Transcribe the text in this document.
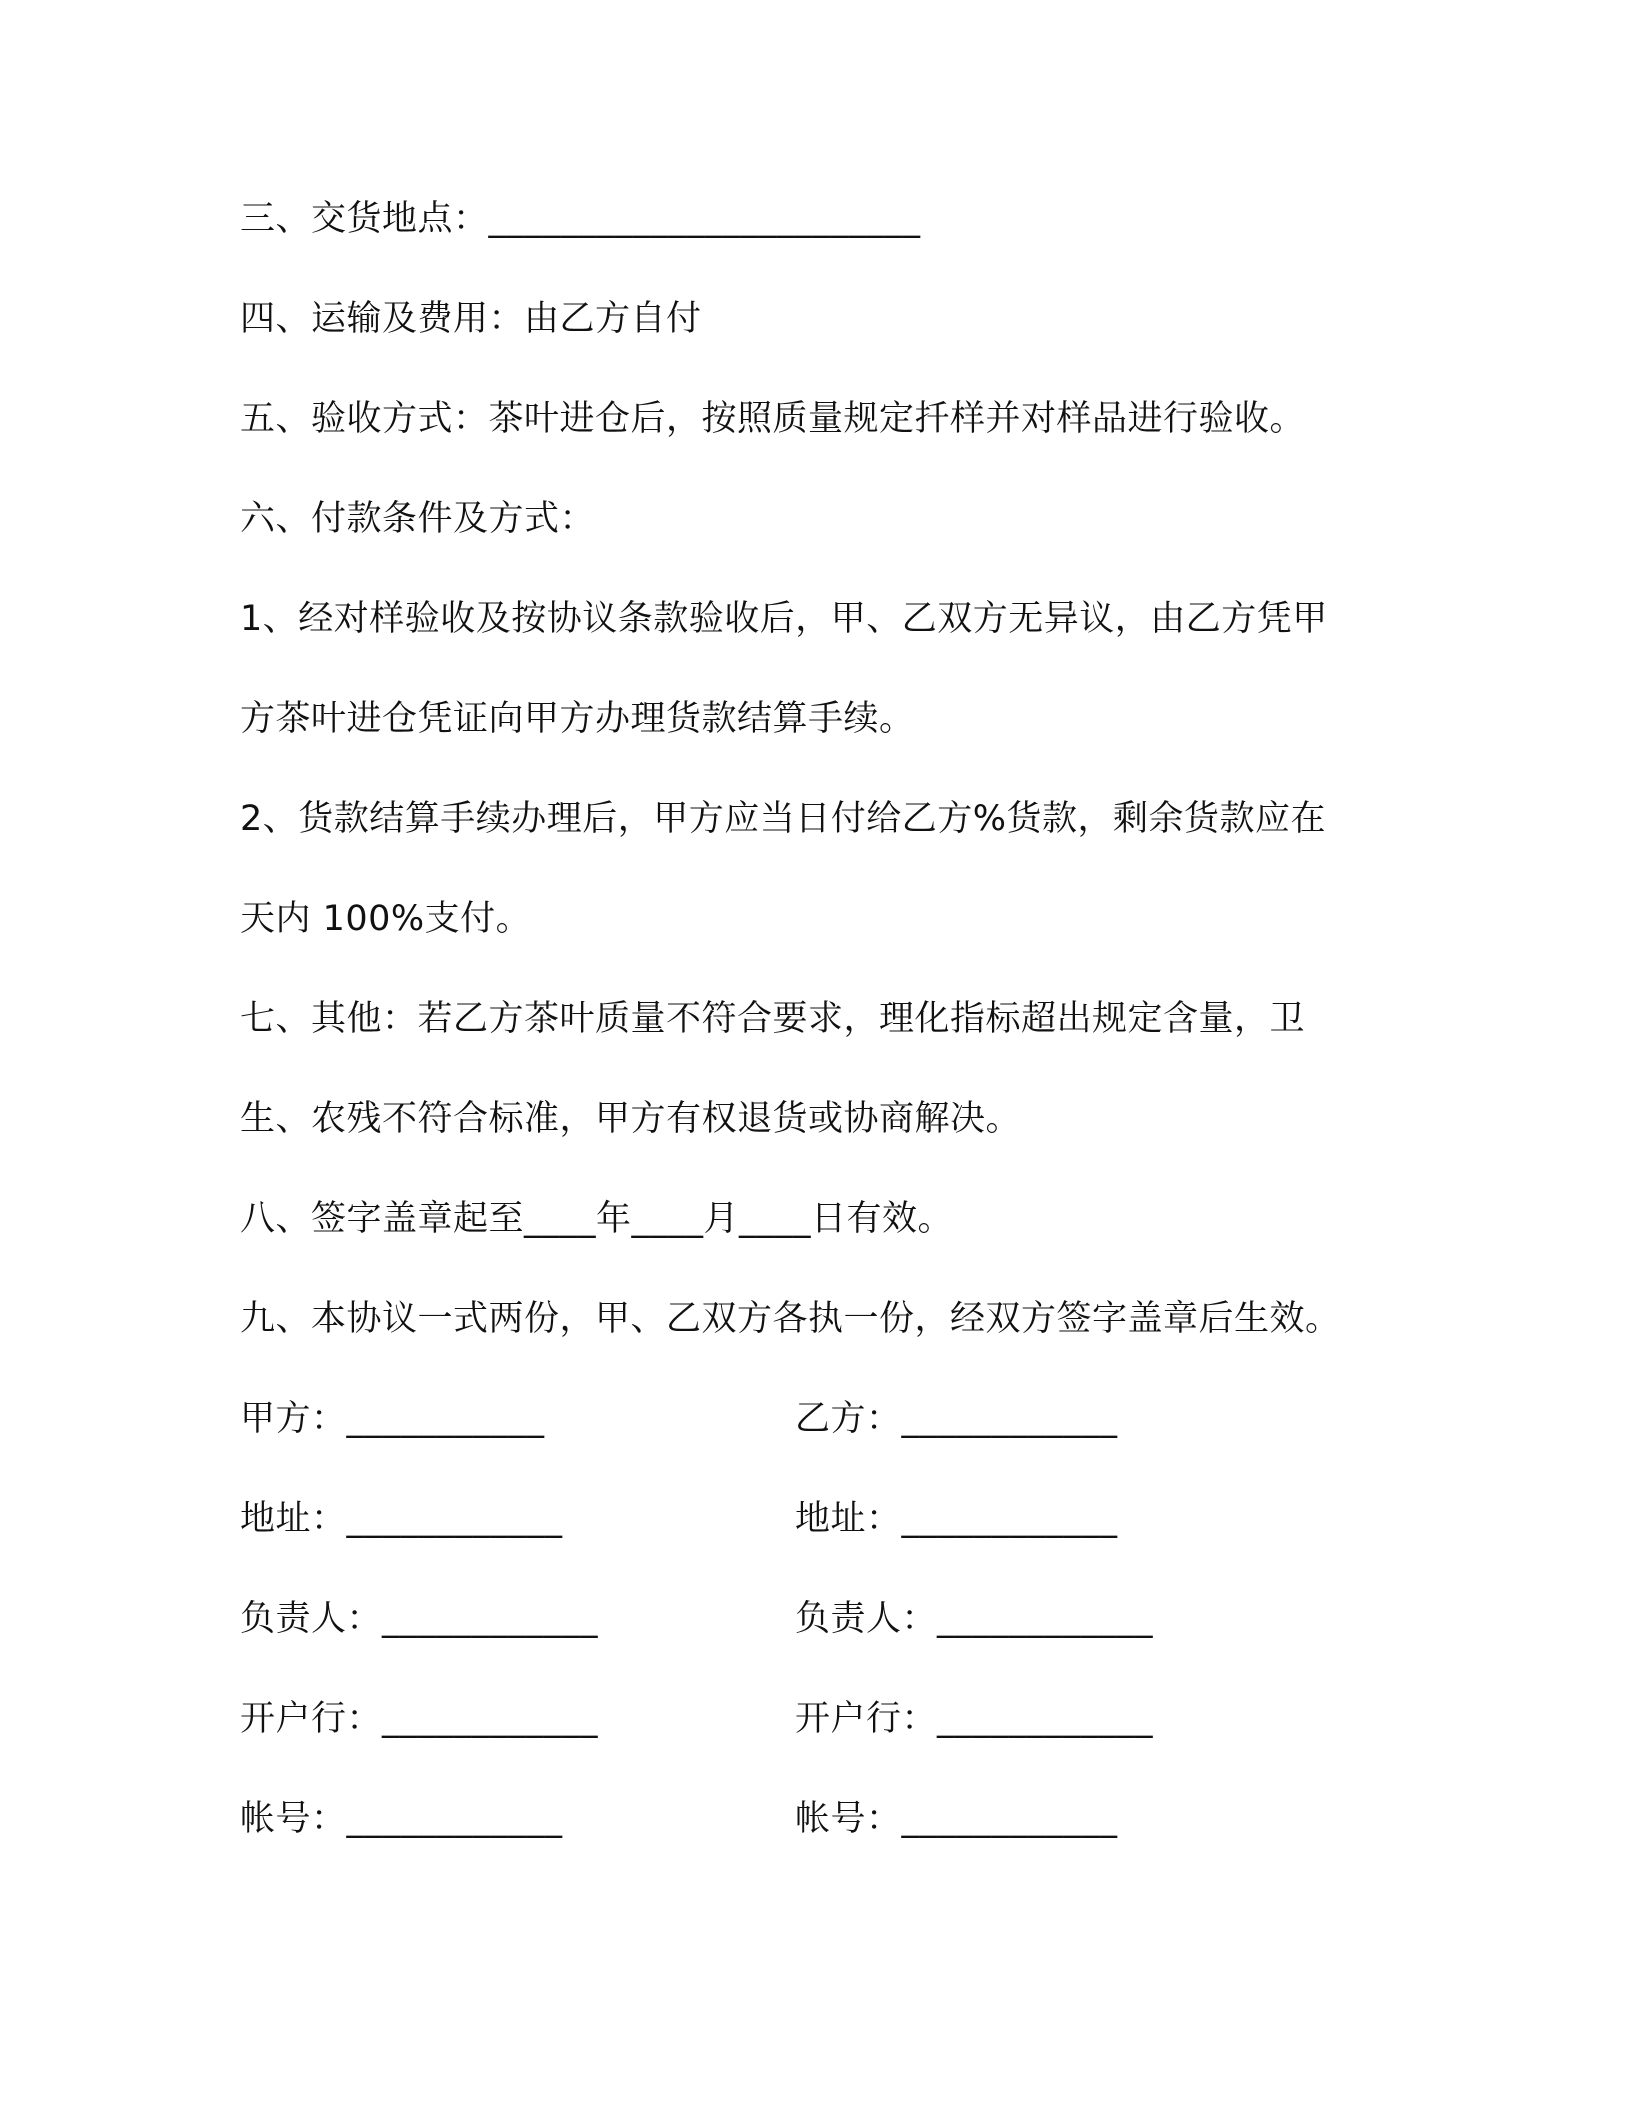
三、交货地点：________________________
四、运输及费用：由乙方自付
五、验收方式：茶叶进仓后，按照质量规定扦样并对样品进行验收。
六、付款条件及方式：
1、经对样验收及按协议条款验收后，甲、乙双方无异议，由乙方凭甲
方茶叶进仓凭证向甲方办理货款结算手续。
2、货款结算手续办理后，甲方应当日付给乙方%货款，剩余货款应在
天内 100%支付。
七、其他：若乙方茶叶质量不符合要求，理化指标超出规定含量，卫
生、农残不符合标准，甲方有权退货或协商解决。
八、签字盖章起至____年____月____日有效。
九、本协议一式两份，甲、乙双方各执一份，经双方签字盖章后生效。
甲方：___________	乙方：____________
地址：____________	地址：____________
负责人：____________	负责人：____________
开户行：____________	开户行：____________
帐号：____________	帐号：____________
